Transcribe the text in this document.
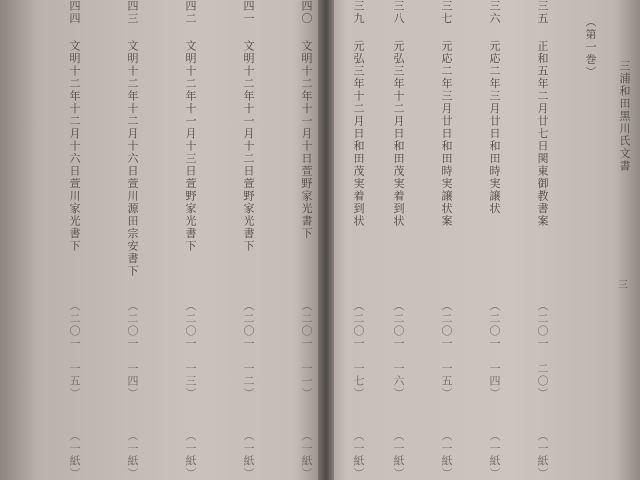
四〇
文明十二年十一月十日萱野家光書下
（二〇一　一一）
（一紙）
四一
文明十二年十一月十二日萱野家光書下
（二〇一　一二）
（一紙）
四二
文明十二年十一月十三日萱野家光書下
（二〇一　一三）
（一紙）
四三
文明十二年十二月十六日萱川源田宗安書下
（二〇一　一四）
（一紙）
四四
文明十二年十二月十六日萱川家光書下
（二〇一　一五）
（一紙）
三浦和田黒川氏文書
（第一巻）
三五
正和五年二月廿七日関東御教書案
（二〇一　二〇）
（一紙）
三六
元応二年三月廿日和田時実譲状
（二〇一　一四）
（一紙）
三七
元応二年三月廿日和田時実譲状案
（二〇一　一五）
（一紙）
三八
元弘三年十二月日和田茂実着到状
（二〇一　一六）
（一紙）
三九
元弘三年十二月日和田茂実着到状
（二〇一　一七）
（一紙）
三
